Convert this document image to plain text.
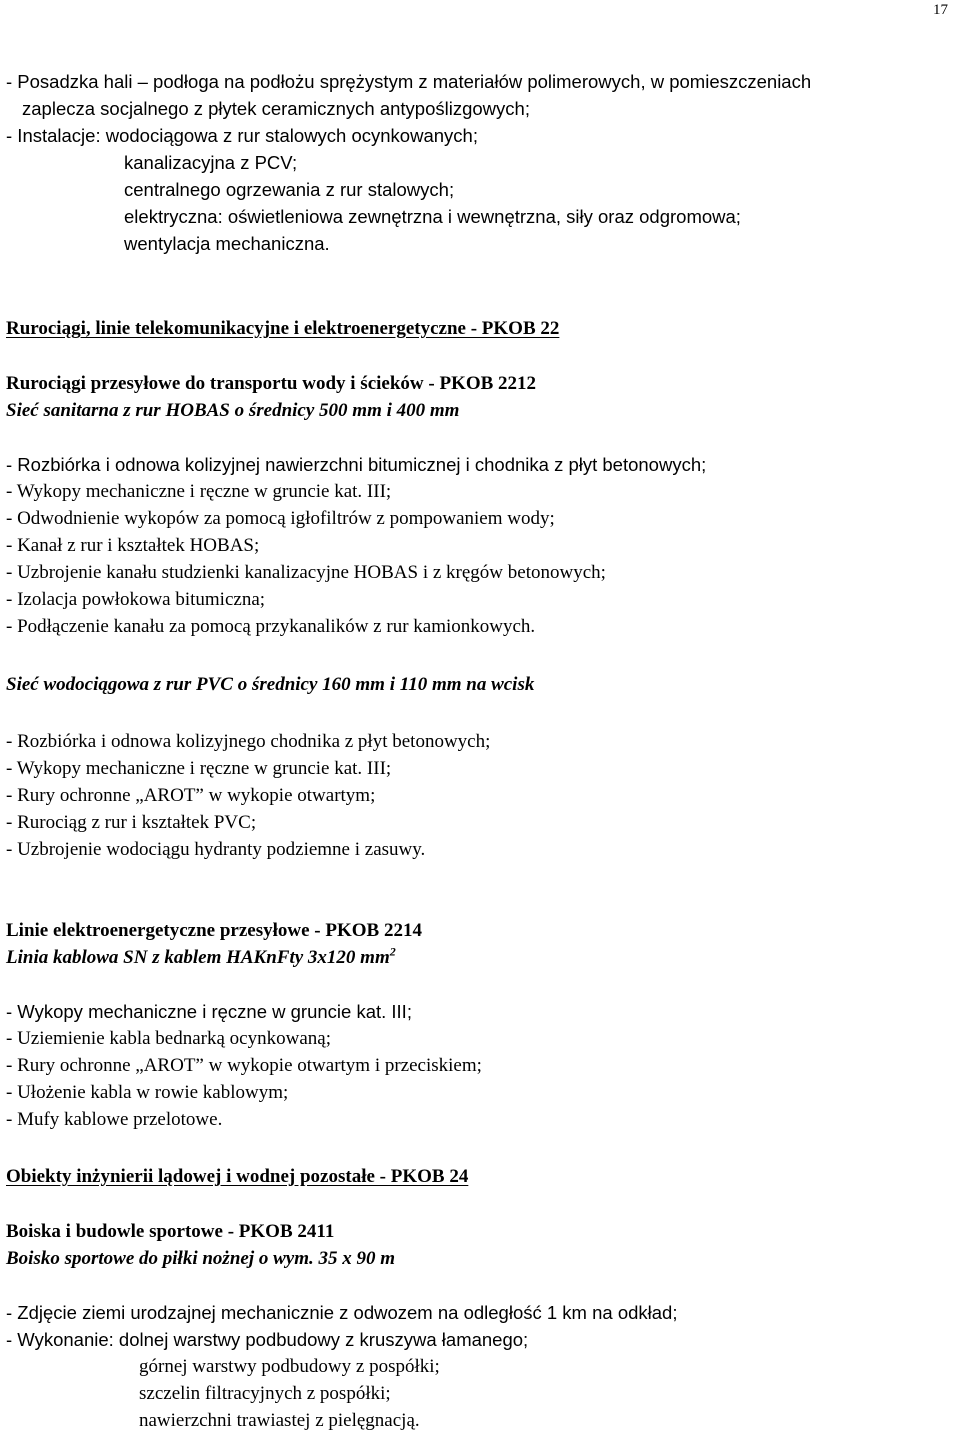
17
- Posadzka hali – podłoga na podłożu sprężystym z materiałów polimerowych, w pomieszczeniach
zaplecza socjalnego z płytek ceramicznych antypoślizgowych;
- Instalacje: wodociągowa z rur stalowych ocynkowanych;
kanalizacyjna z PCV;
centralnego ogrzewania z rur stalowych;
elektryczna: oświetleniowa zewnętrzna i wewnętrzna, siły oraz odgromowa;
wentylacja mechaniczna.
Rurociągi, linie telekomunikacyjne i elektroenergetyczne - PKOB 22
Rurociągi przesyłowe do transportu wody i ścieków - PKOB 2212
Sieć sanitarna z rur HOBAS o średnicy 500 mm i 400 mm
- Rozbiórka i odnowa kolizyjnej nawierzchni bitumicznej i chodnika z płyt betonowych;
- Wykopy mechaniczne i ręczne w gruncie kat. III;
- Odwodnienie wykopów za pomocą igłofiltrów z pompowaniem wody;
- Kanał z rur i kształtek HOBAS;
- Uzbrojenie kanału studzienki kanalizacyjne HOBAS i z kręgów betonowych;
- Izolacja powłokowa bitumiczna;
- Podłączenie kanału za pomocą przykanalików z rur kamionkowych.
Sieć wodociągowa z rur PVC o średnicy 160 mm i 110 mm na wcisk
- Rozbiórka i odnowa kolizyjnego chodnika z płyt betonowych;
- Wykopy mechaniczne i ręczne w gruncie kat. III;
- Rury ochronne „AROT” w wykopie otwartym;
- Rurociąg z rur i kształtek PVC;
- Uzbrojenie wodociągu hydranty podziemne i zasuwy.
Linie elektroenergetyczne przesyłowe - PKOB 2214
Linia kablowa SN z kablem HAKnFty 3x120 $mm^2$
- Wykopy mechaniczne i ręczne w gruncie kat. III;
- Uziemienie kabla bednarką ocynkowaną;
- Rury ochronne „AROT” w wykopie otwartym i przeciskiem;
- Ułożenie kabla w rowie kablowym;
- Mufy kablowe przelotowe.
Obiekty inżynierii lądowej i wodnej pozostałe - PKOB 24
Boiska i budowle sportowe - PKOB 2411
Boisko sportowe do piłki nożnej o wym. 35 x 90 m
- Zdjęcie ziemi urodzajnej mechanicznie z odwozem na odległość 1 km na odkład;
- Wykonanie: dolnej warstwy podbudowy z kruszywa łamanego;
górnej warstwy podbudowy z pospółki;
szczelin filtracyjnych z pospółki;
nawierzchni trawiastej z pielęgnacją.
